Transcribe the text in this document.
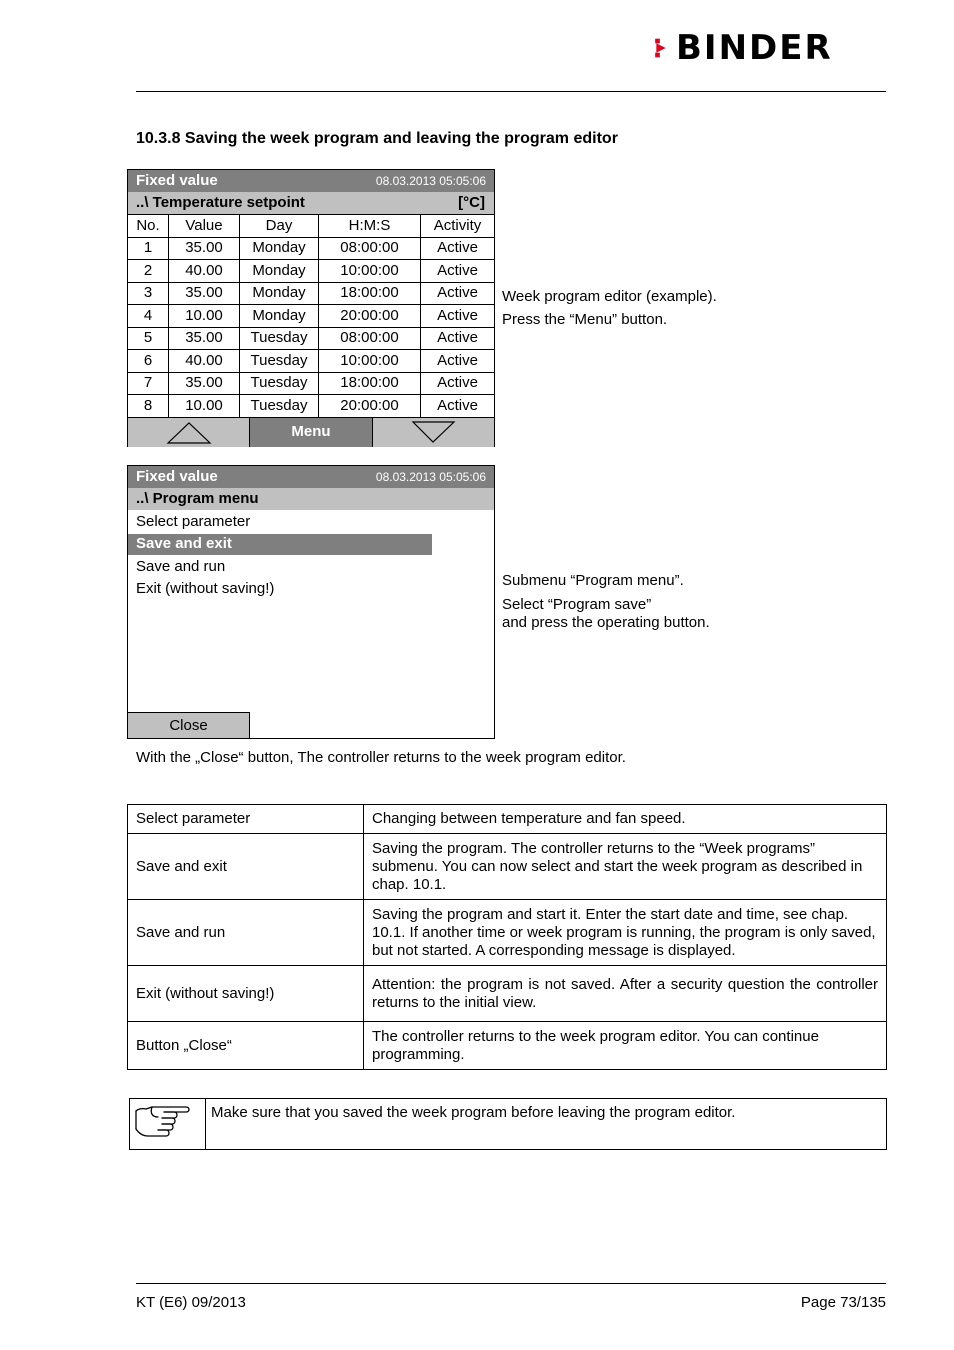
BINDER
10.3.8 Saving the week program and leaving the program editor
Fixed value	08.03.2013 05:05:06
..\ Temperature setpoint	[°C]
No.	Value	Day	H:M:S	Activity
1	35.00	Monday	08:00:00	Active
2	40.00	Monday	10:00:00	Active
3	35.00	Monday	18:00:00	Active
4	10.00	Monday	20:00:00	Active
5	35.00	Tuesday	08:00:00	Active
6	40.00	Tuesday	10:00:00	Active
7	35.00	Tuesday	18:00:00	Active
8	10.00	Tuesday	20:00:00	Active
Menu
Week program editor (example).
Press the “Menu” button.
Fixed value	08.03.2013 05:05:06
..\ Program menu
Select parameter
Save and exit
Save and run
Exit (without saving!)
Close
Submenu “Program menu”.
Select “Program save”
and press the operating button.
With the „Close“ button, The controller returns to the week program editor.
Select parameter	Changing between temperature and fan speed.
Save and exit	Saving the program. The controller returns to the “Week programs” submenu. You can now select and start the week program as described in chap. 10.1.
Save and run	Saving the program and start it. Enter the start date and time, see chap. 10.1. If another time or week program is running, the program is only saved, but not started. A corresponding message is displayed.
Exit (without saving!)	Attention: the program is not saved. After a security question the controller returns to the initial view.
Button „Close“	The controller returns to the week program editor. You can continue programming.
	Make sure that you saved the week program before leaving the program editor.
KT (E6) 09/2013	Page 73/135
